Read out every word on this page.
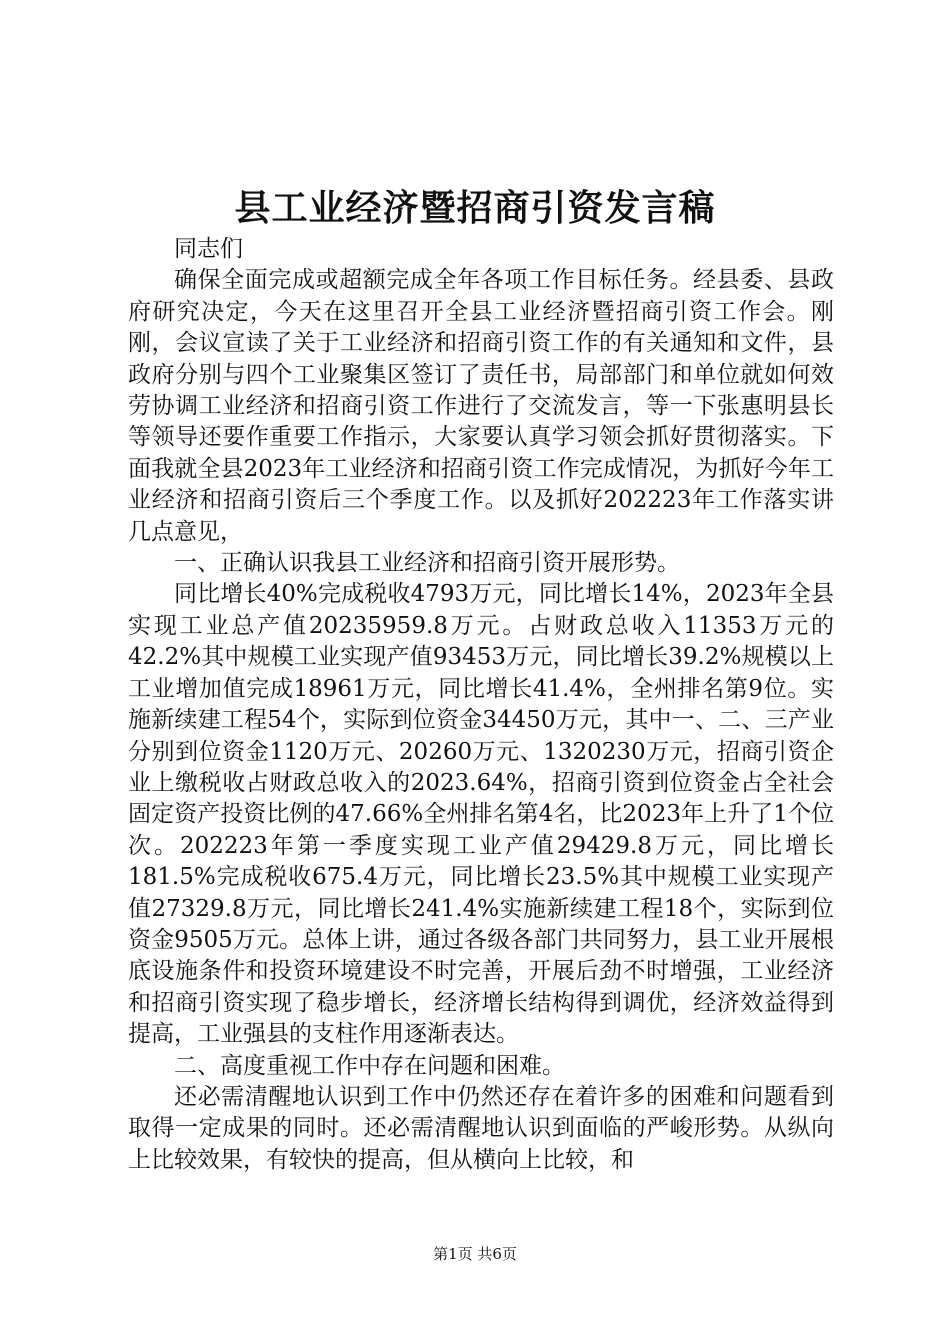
县工业经济暨招商引资发言稿

同志们

确保全面完成或超额完成全年各项工作目标任务。经县委、县政府研究决定，今天在这里召开全县工业经济暨招商引资工作会。刚刚，会议宣读了关于工业经济和招商引资工作的有关通知和文件，县政府分别与四个工业聚集区签订了责任书，局部部门和单位就如何效劳协调工业经济和招商引资工作进行了交流发言，等一下张惠明县长等领导还要作重要工作指示，大家要认真学习领会抓好贯彻落实。下面我就全县2023年工业经济和招商引资工作完成情况，为抓好今年工业经济和招商引资后三个季度工作。以及抓好202223年工作落实讲几点意见，

一、正确认识我县工业经济和招商引资开展形势。

同比增长40%完成税收4793万元，同比增长14%，2023年全县实现工业总产值20235959.8万元。占财政总收入11353万元的42.2%其中规模工业实现产值93453万元，同比增长39.2%规模以上工业增加值完成18961万元，同比增长41.4%，全州排名第9位。实施新续建工程54个，实际到位资金34450万元，其中一、二、三产业分别到位资金1120万元、20260万元、1320230万元，招商引资企业上缴税收占财政总收入的2023.64%，招商引资到位资金占全社会固定资产投资比例的47.66%全州排名第4名，比2023年上升了1个位次。202223年第一季度实现工业产值29429.8万元，同比增长181.5%完成税收675.4万元，同比增长23.5%其中规模工业实现产值27329.8万元，同比增长241.4%实施新续建工程18个，实际到位资金9505万元。总体上讲，通过各级各部门共同努力，县工业开展根底设施条件和投资环境建设不时完善，开展后劲不时增强，工业经济和招商引资实现了稳步增长，经济增长结构得到调优，经济效益得到提高，工业强县的支柱作用逐渐表达。

二、高度重视工作中存在问题和困难。

还必需清醒地认识到工作中仍然还存在着许多的困难和问题看到取得一定成果的同时。还必需清醒地认识到面临的严峻形势。从纵向上比较效果，有较快的提高，但从横向上比较，和

第1页 共6页
